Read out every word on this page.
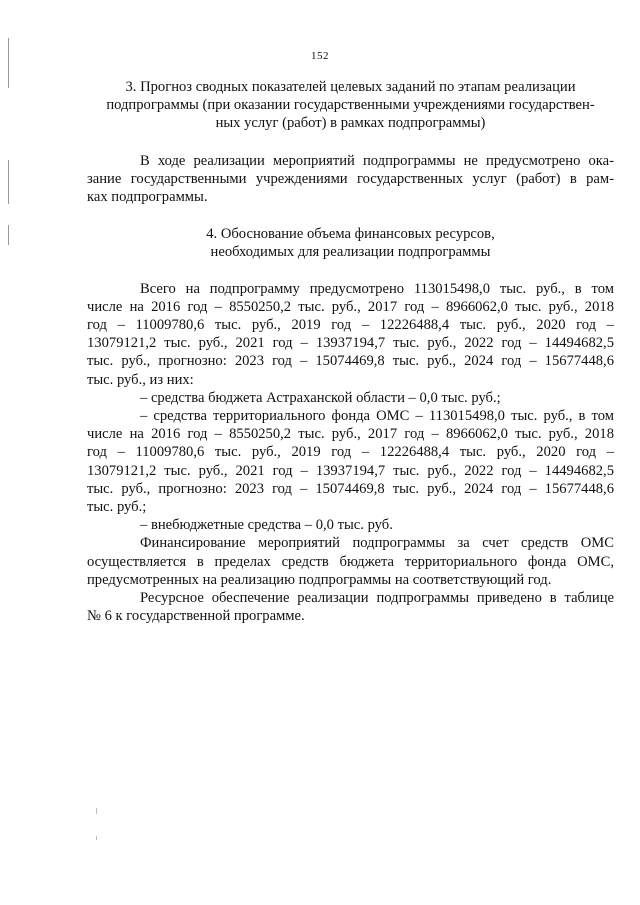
152

3. Прогноз сводных показателей целевых заданий по этапам реализации
подпрограммы (при оказании государственными учреждениями государствен-
ных услуг (работ) в рамках подпрограммы)

В ходе реализации мероприятий подпрограммы не предусмотрено ока-
зание государственными учреждениями государственных услуг (работ) в рам-
ках подпрограммы.

4. Обоснование объема финансовых ресурсов,
необходимых для реализации подпрограммы

Всего на подпрограмму предусмотрено 113015498,0 тыс. руб., в том
числе на 2016 год – 8550250,2 тыс. руб., 2017 год – 8966062,0 тыс. руб., 2018
год – 11009780,6 тыс. руб., 2019 год – 12226488,4 тыс. руб., 2020 год –
13079121,2 тыс. руб., 2021 год – 13937194,7 тыс. руб., 2022 год – 14494682,5
тыс. руб., прогнозно: 2023 год – 15074469,8 тыс. руб., 2024 год – 15677448,6
тыс. руб., из них:

– средства бюджета Астраханской области – 0,0 тыс. руб.;

– средства территориального фонда ОМС – 113015498,0 тыс. руб., в том
числе на 2016 год – 8550250,2 тыс. руб., 2017 год – 8966062,0 тыс. руб., 2018
год – 11009780,6 тыс. руб., 2019 год – 12226488,4 тыс. руб., 2020 год –
13079121,2 тыс. руб., 2021 год – 13937194,7 тыс. руб., 2022 год – 14494682,5
тыс. руб., прогнозно: 2023 год – 15074469,8 тыс. руб., 2024 год – 15677448,6
тыс. руб.;

– внебюджетные средства – 0,0 тыс. руб.

Финансирование мероприятий подпрограммы за счет средств ОМС
осуществляется в пределах средств бюджета территориального фонда ОМС,
предусмотренных на реализацию подпрограммы на соответствующий год.

Ресурсное обеспечение реализации подпрограммы приведено в таблице
№ 6 к государственной программе.
